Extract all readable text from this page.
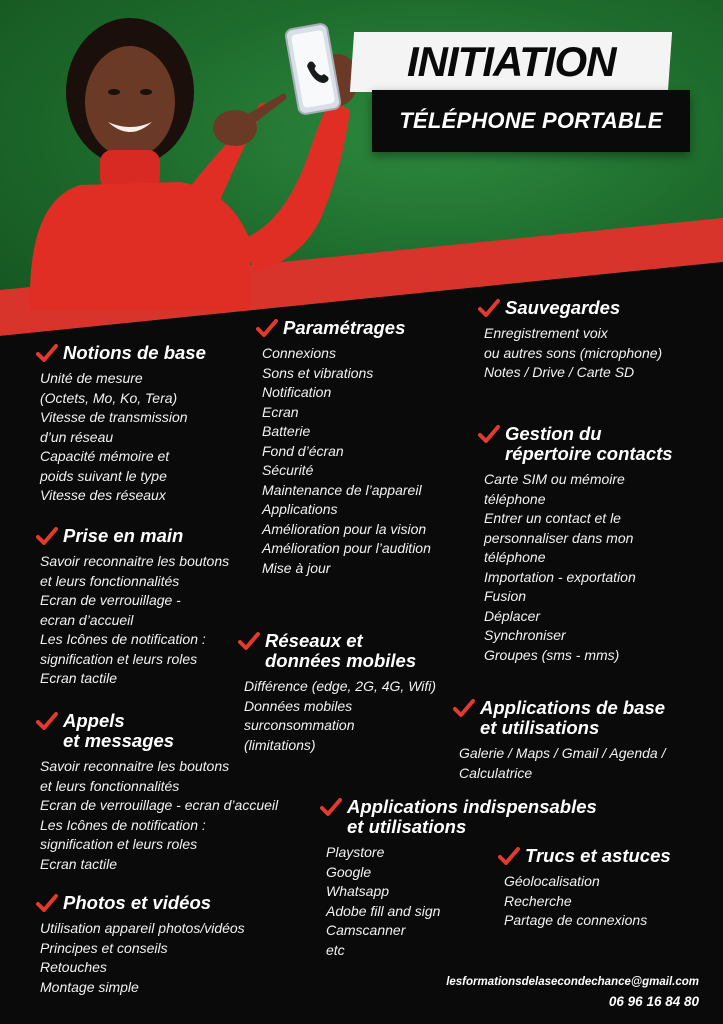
INITIATION
TÉLÉPHONE PORTABLE
Notions de base
Unité de mesure
(Octets, Mo, Ko, Tera)
Vitesse de transmission
d’un réseau
Capacité mémoire et
poids suivant le type
Vitesse des réseaux
Prise en main
Savoir reconnaitre les boutons
et leurs fonctionnalités
Ecran de verrouillage -
ecran d’accueil
Les Icônes de notification :
signification et leurs roles
Ecran tactile
Appels
et messages
Savoir reconnaitre les boutons
et leurs fonctionnalités
Ecran de verrouillage - ecran d’accueil
Les Icônes de notification :
signification et leurs roles
Ecran tactile
Photos et vidéos
Utilisation appareil photos/vidéos
Principes et conseils
Retouches
Montage simple
Paramétrages
Connexions
Sons et vibrations
Notification
Ecran
Batterie
Fond d’écran
Sécurité
Maintenance de l’appareil
Applications
Amélioration pour la vision
Amélioration pour l’audition
Mise à jour
Réseaux et
données mobiles
Différence (edge, 2G, 4G, Wifi)
Données mobiles
surconsommation
(limitations)
Applications indispensables
et utilisations
Playstore
Google
Whatsapp
Adobe fill and sign
Camscanner
etc
Sauvegardes
Enregistrement voix
ou autres sons (microphone)
Notes / Drive / Carte SD
Gestion du
répertoire contacts
Carte SIM ou mémoire
téléphone
Entrer un contact et le
personnaliser dans mon
téléphone
Importation - exportation
Fusion
Déplacer
Synchroniser
Groupes (sms - mms)
Applications de base
et utilisations
Galerie / Maps / Gmail / Agenda /
Calculatrice
Trucs et astuces
Géolocalisation
Recherche
Partage de connexions
lesformationsdelasecondechance@gmail.com
06 96 16 84 80
